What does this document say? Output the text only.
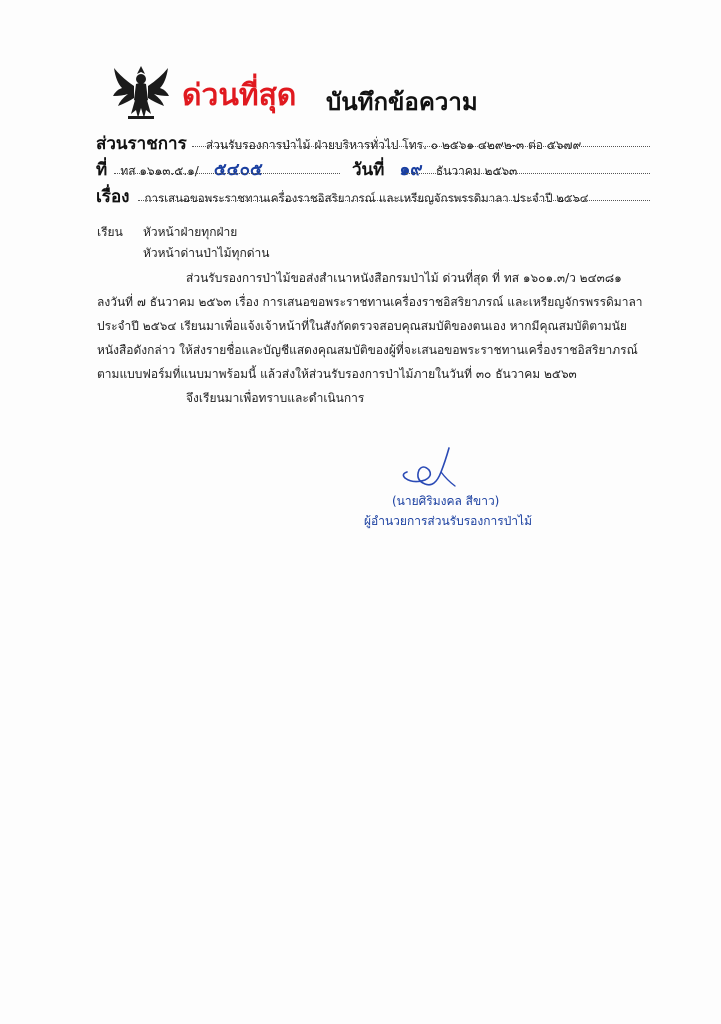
ด่วนที่สุด บันทึกข้อความ
ส่วนราชการ ส่วนรับรองการป่าไม้ ฝ่ายบริหารทั่วไป โทร. ๐ ๒๕๖๑ ๔๒๙๒-๓ ต่อ ๕๖๗๙
ที่ ทส ๑๖๑๓.๕.๑/ ๕๔๐๕	วันที่ ๑๙ ธันวาคม ๒๕๖๓
เรื่อง การเสนอขอพระราชทานเครื่องราชอิสริยาภรณ์ และเหรียญจักรพรรดิมาลา ประจำปี ๒๕๖๔
เรียน หัวหน้าฝ่ายทุกฝ่าย
หัวหน้าด่านป่าไม้ทุกด่าน
ส่วนรับรองการป่าไม้ขอส่งสำเนาหนังสือกรมป่าไม้ ด่วนที่สุด ที่ ทส ๑๖๐๑.๓/ว ๒๔๓๘๑
ลงวันที่ ๗ ธันวาคม ๒๕๖๓ เรื่อง การเสนอขอพระราชทานเครื่องราชอิสริยาภรณ์ และเหรียญจักรพรรดิมาลา
ประจำปี ๒๕๖๔ เรียนมาเพื่อแจ้งเจ้าหน้าที่ในสังกัดตรวจสอบคุณสมบัติของตนเอง หากมีคุณสมบัติตามนัย
หนังสือดังกล่าว ให้ส่งรายชื่อและบัญชีแสดงคุณสมบัติของผู้ที่จะเสนอขอพระราชทานเครื่องราชอิสริยาภรณ์
ตามแบบฟอร์มที่แนบมาพร้อมนี้ แล้วส่งให้ส่วนรับรองการป่าไม้ภายในวันที่ ๓๐ ธันวาคม ๒๕๖๓
จึงเรียนมาเพื่อทราบและดำเนินการ
(นายศิริมงคล สีขาว)
ผู้อำนวยการส่วนรับรองการป่าไม้
